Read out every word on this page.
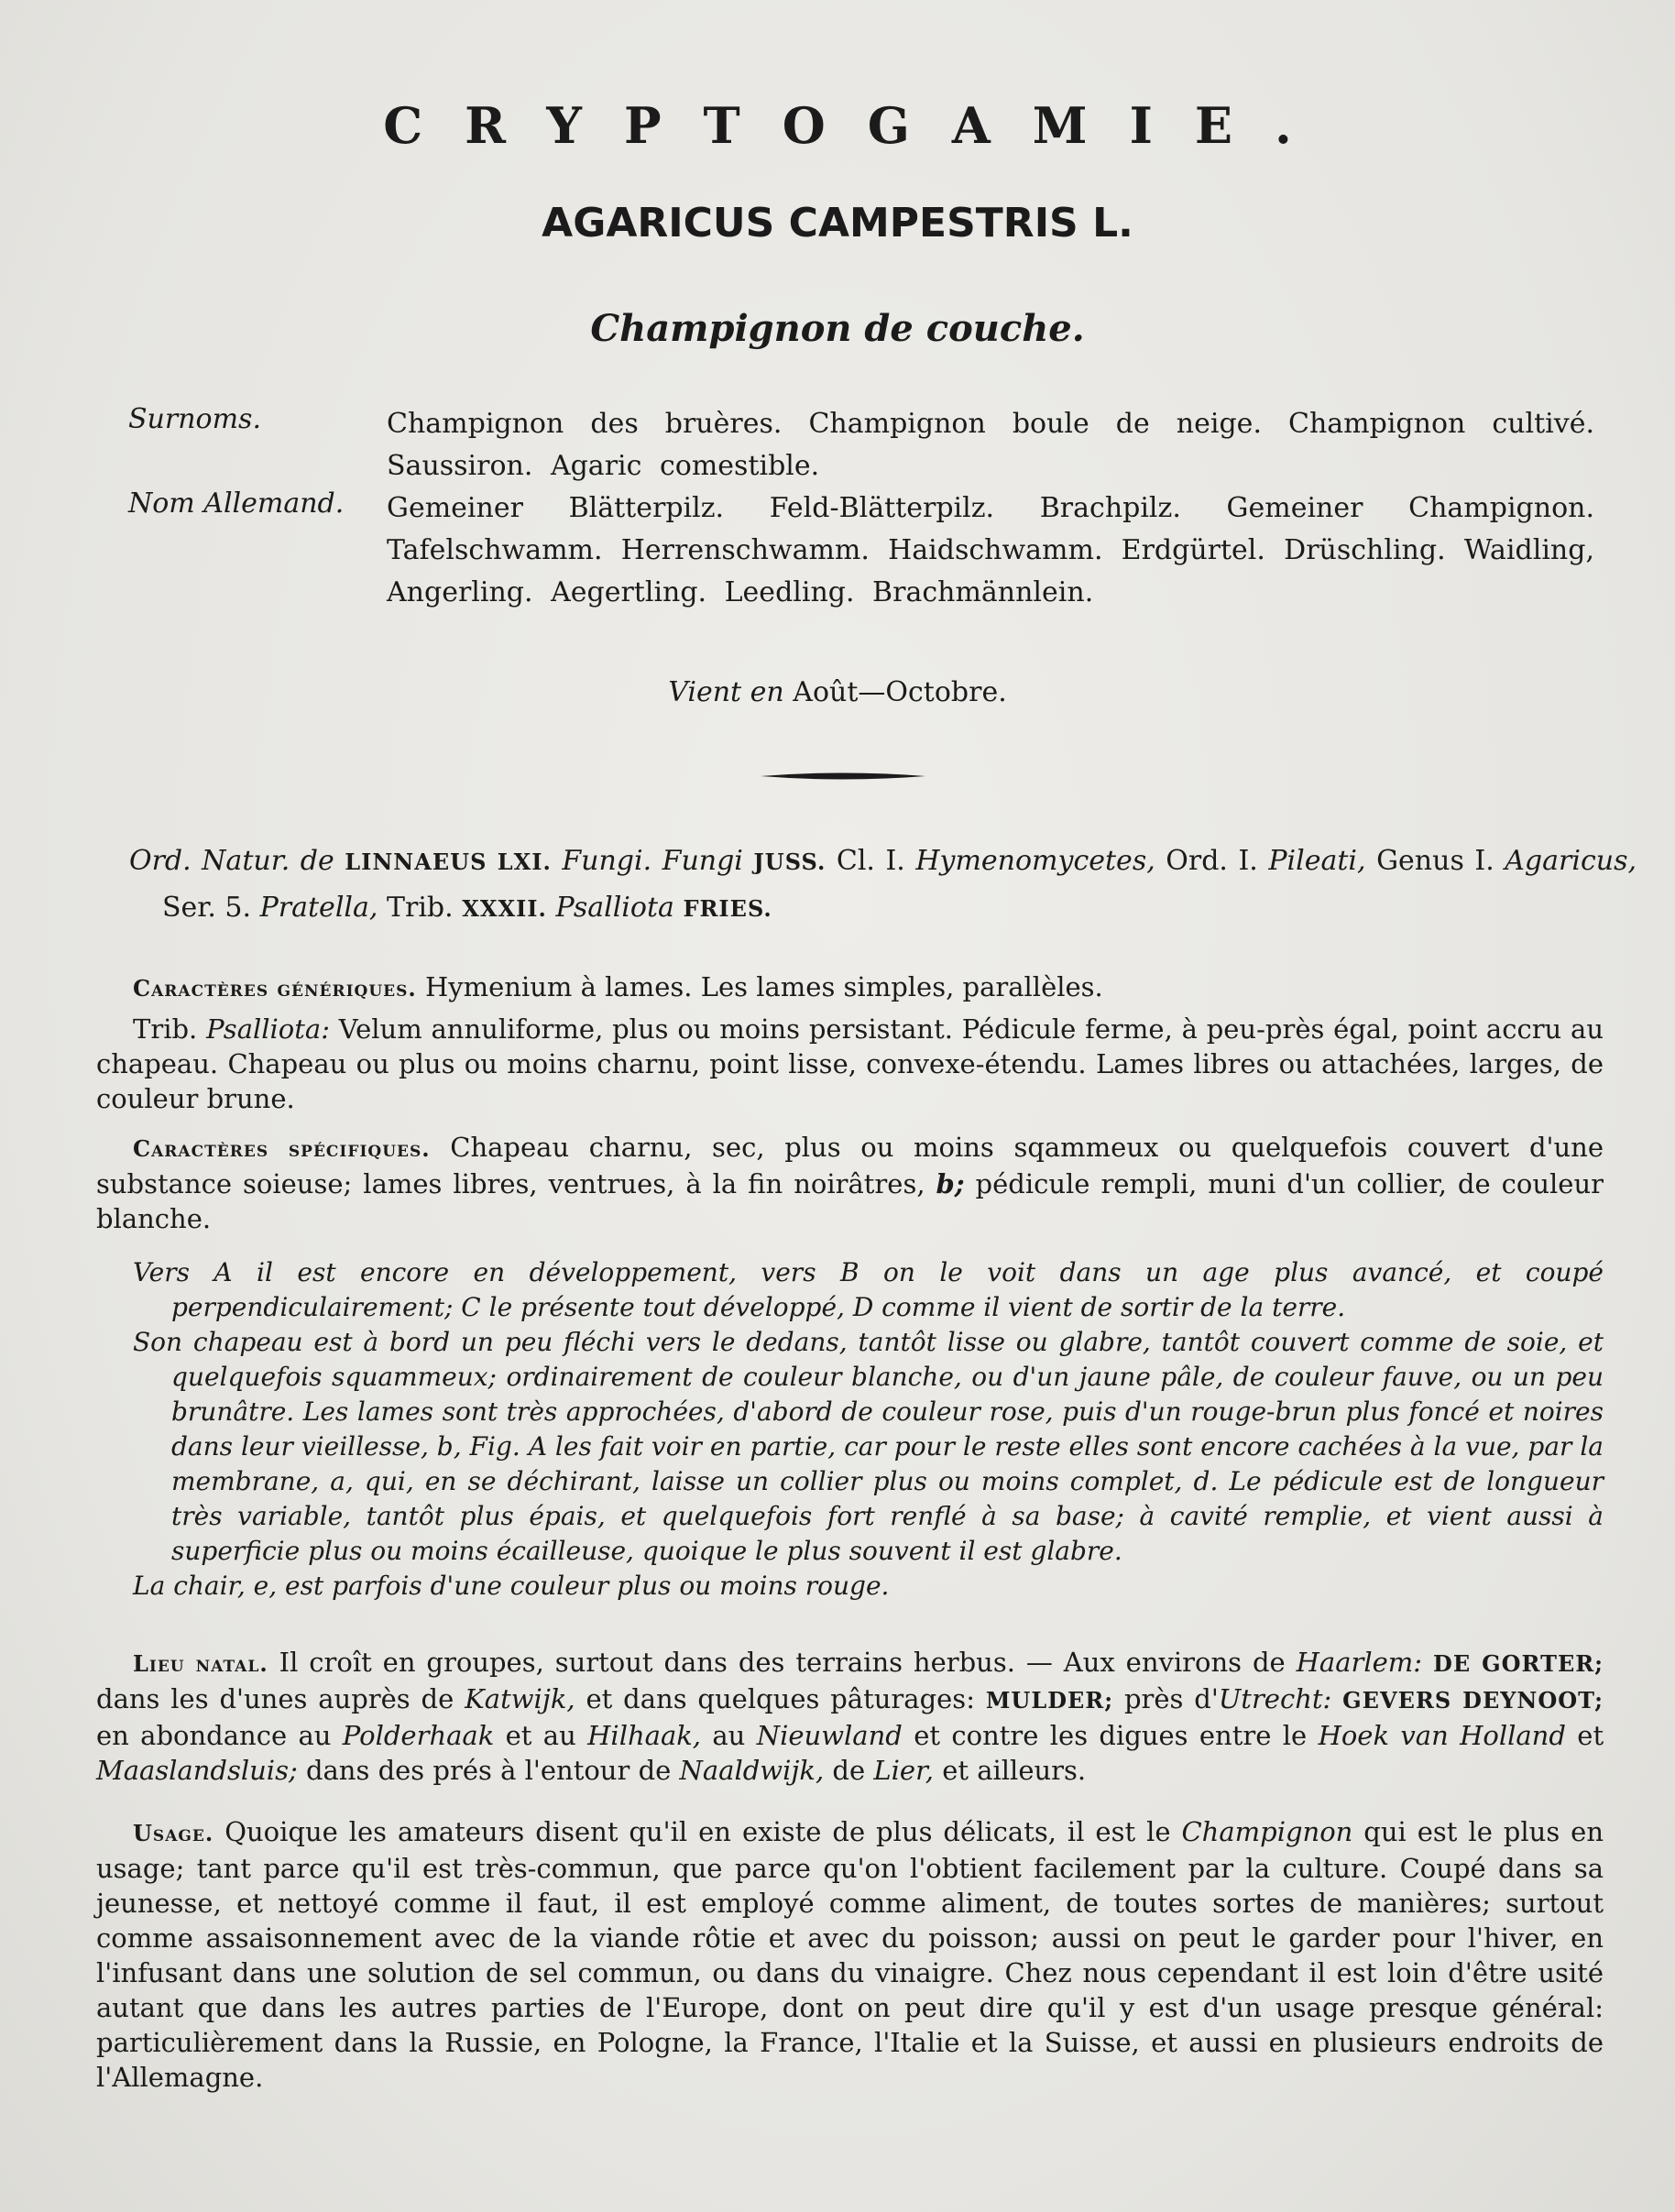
CRYPTOGAMIE.
AGARICUS CAMPESTRIS L.
Champignon de couche.
Surnoms.	Champignon des bruères. Champignon boule de neige. Champignon cultivé. Saussiron. Agaric comestible.
Nom Allemand.	Gemeiner Blätterpilz. Feld-Blätterpilz. Brachpilz. Gemeiner Champignon. Tafelschwamm. Herrenschwamm. Haidschwamm. Erdgürtel. Drüschling. Waidling, Angerling. Aegertling. Leedling. Brachmännlein.
Vient en Août—Octobre.
Ord. Natur. de LINNAEUS LXI. Fungi. Fungi JUSS. Cl. I. Hymenomycetes, Ord. I. Pileati, Genus I. Agaricus, Ser. 5. Pratella, Trib. XXXII. Psalliota FRIES.
Caractères génériques. Hymenium à lames. Les lames simples, parallèles.
Trib. Psalliota: Velum annuliforme, plus ou moins persistant. Pédicule ferme, à peu-près égal, point accru au chapeau. Chapeau ou plus ou moins charnu, point lisse, convexe-étendu. Lames libres ou attachées, larges, de couleur brune.
Caractères spécifiques. Chapeau charnu, sec, plus ou moins sqammeux ou quelquefois couvert d'une substance soieuse; lames libres, ventrues, à la fin noirâtres, b; pédicule rempli, muni d'un collier, de couleur blanche.
Vers A il est encore en développement, vers B on le voit dans un age plus avancé, et coupé perpendiculairement; C le présente tout développé, D comme il vient de sortir de la terre.
Son chapeau est à bord un peu fléchi vers le dedans, tantôt lisse ou glabre, tantôt couvert comme de soie, et quelquefois squammeux; ordinairement de couleur blanche, ou d'un jaune pâle, de couleur fauve, ou un peu brunâtre. Les lames sont très approchées, d'abord de couleur rose, puis d'un rouge-brun plus foncé et noires dans leur vieillesse, b, Fig. A les fait voir en partie, car pour le reste elles sont encore cachées à la vue, par la membrane, a, qui, en se déchirant, laisse un collier plus ou moins complet, d. Le pédicule est de longueur très variable, tantôt plus épais, et quelquefois fort renflé à sa base; à cavité remplie, et vient aussi à superficie plus ou moins écailleuse, quoique le plus souvent il est glabre.
La chair, e, est parfois d'une couleur plus ou moins rouge.
Lieu natal. Il croît en groupes, surtout dans des terrains herbus. — Aux environs de Haarlem: DE GORTER; dans les d'unes auprès de Katwijk, et dans quelques pâturages: MULDER; près d'Utrecht: GEVERS DEYNOOT; en abondance au Polderhaak et au Hilhaak, au Nieuwland et contre les digues entre le Hoek van Holland et Maaslandsluis; dans des prés à l'entour de Naaldwijk, de Lier, et ailleurs.
Usage. Quoique les amateurs disent qu'il en existe de plus délicats, il est le Champignon qui est le plus en usage; tant parce qu'il est très-commun, que parce qu'on l'obtient facilement par la culture. Coupé dans sa jeunesse, et nettoyé comme il faut, il est employé comme aliment, de toutes sortes de manières; surtout comme assaisonnement avec de la viande rôtie et avec du poisson; aussi on peut le garder pour l'hiver, en l'infusant dans une solution de sel commun, ou dans du vinaigre. Chez nous cependant il est loin d'être usité autant que dans les autres parties de l'Europe, dont on peut dire qu'il y est d'un usage presque général: particulièrement dans la Russie, en Pologne, la France, l'Italie et la Suisse, et aussi en plusieurs endroits de l'Allemagne.
